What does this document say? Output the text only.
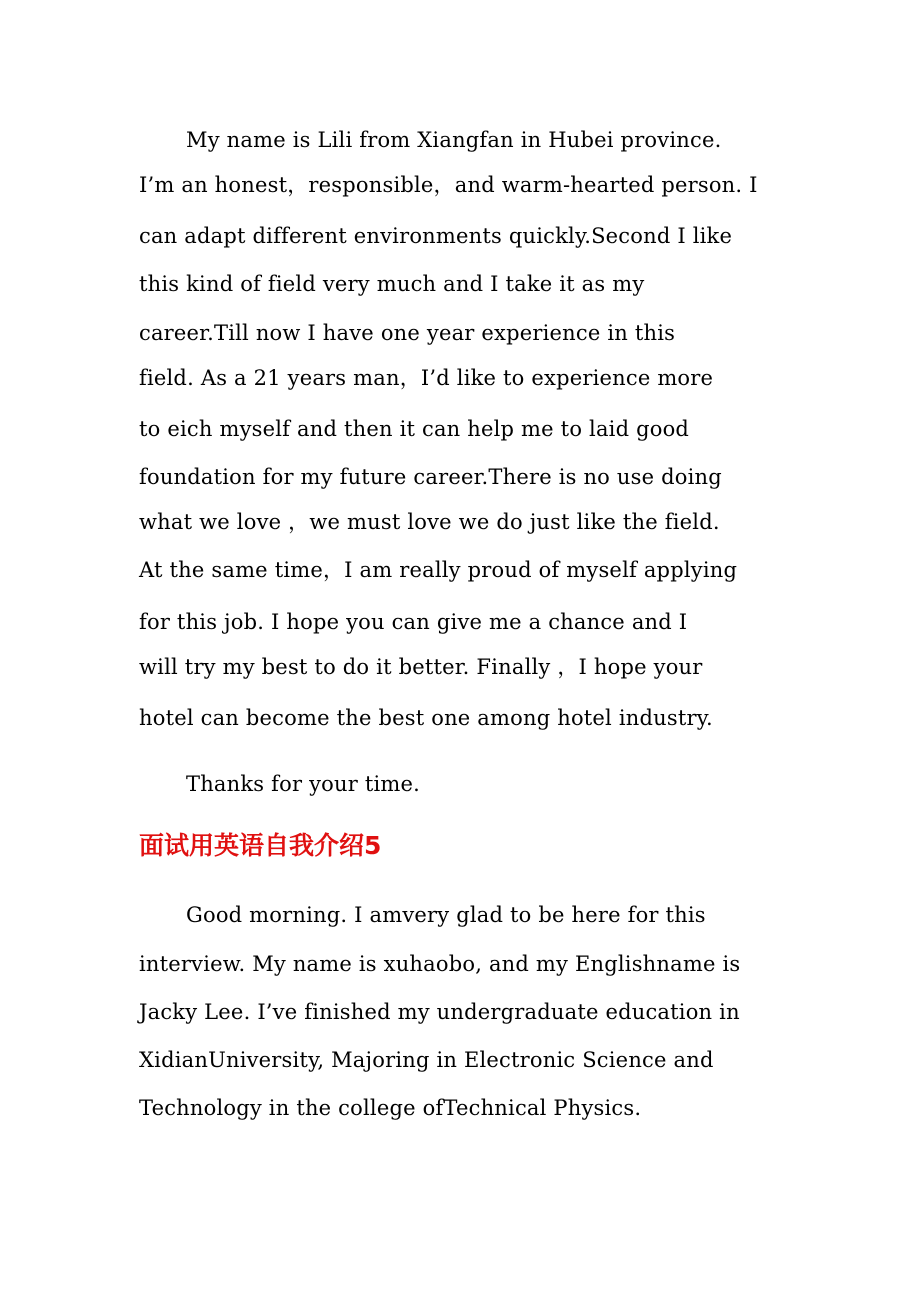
My name is Lili from Xiangfan in Hubei province.
I’m an honest，responsible，and warm-hearted person. I
can adapt different environments quickly.Second I like
this kind of field very much and I take it as my
career.Till now I have one year experience in this
field. As a 21 years man，I’d like to experience more
to eich myself and then it can help me to laid good
foundation for my future career.There is no use doing
what we love ，we must love we do just like the field.
At the same time，I am really proud of myself applying
for this job. I hope you can give me a chance and I
will try my best to do it better. Finally ，I hope your
hotel can become the best one among hotel industry.
Thanks for your time.
面试用英语自我介绍5
Good morning. I amvery glad to be here for this
interview. My name is xuhaobo, and my Englishname is
Jacky Lee. I’ve finished my undergraduate education in
XidianUniversity, Majoring in Electronic Science and
Technology in the college ofTechnical Physics.
